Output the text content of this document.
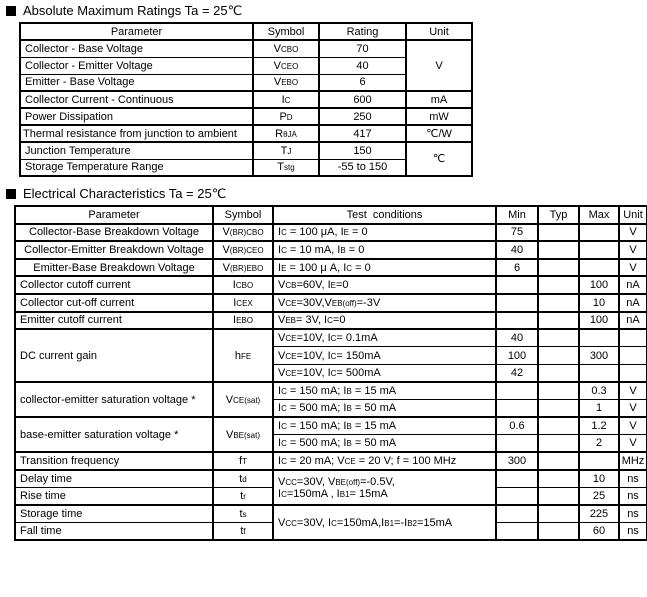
Absolute Maximum Ratings Ta = 25℃
Parameter	Symbol	Rating	Unit
Collector - Base Voltage	VCBO	70	V
Collector - Emitter Voltage	VCEO	40	
Emitter - Base Voltage	VEBO	6	
Collector Current - Continuous	IC	600	mA
Power Dissipation	PD	250	mW
Thermal resistance from junction to ambient	RθJA	417	℃/W
Junction Temperature	TJ	150	℃
Storage Temperature Range	Tstg	-55 to 150	
Electrical Characteristics Ta = 25℃
Parameter	Symbol	Test  conditions	Min	Typ	Max	Unit
Collector-Base Breakdown Voltage	V(BR)CBO	IC = 100 μA, IE = 0	75			V
Collector-Emitter Breakdown Voltage	V(BR)CEO	IC = 10 mA, IB = 0	40			V
Emitter-Base Breakdown Voltage	V(BR)EBO	IE = 100 μ A, IC = 0	6			V
Collector cutoff current	ICBO	VCB=60V, IE=0			100	nA
Collector cut-off current	ICEX	VCE=30V,VEB(off)=-3V			10	nA
Emitter cutoff current	IEBO	VEB= 3V, IC=0			100	nA
DC current gain	hFE	VCE=10V, IC= 0.1mA	40			
		VCE=10V, IC= 150mA	100		300	
		VCE=10V, IC= 500mA	42			
collector-emitter saturation voltage *	VCE(sat)	IC = 150 mA; IB = 15 mA			0.3	V
		IC = 500 mA; IB = 50 mA			1	V
base-emitter saturation voltage *	VBE(sat)	IC = 150 mA; IB = 15 mA	0.6		1.2	V
		IC = 500 mA; IB = 50 mA			2	V
Transition frequency	fT	IC = 20 mA; VCE = 20 V; f = 100 MHz	300			MHz
Delay time	td	VCC=30V, VBE(off)=-0.5V,
IC=150mA , IB1= 15mA			10	ns
Rise time	tr				25	ns
Storage time	ts	VCC=30V, IC=150mA,IB1=-IB2=15mA			225	ns
Fall time	tf				60	ns
